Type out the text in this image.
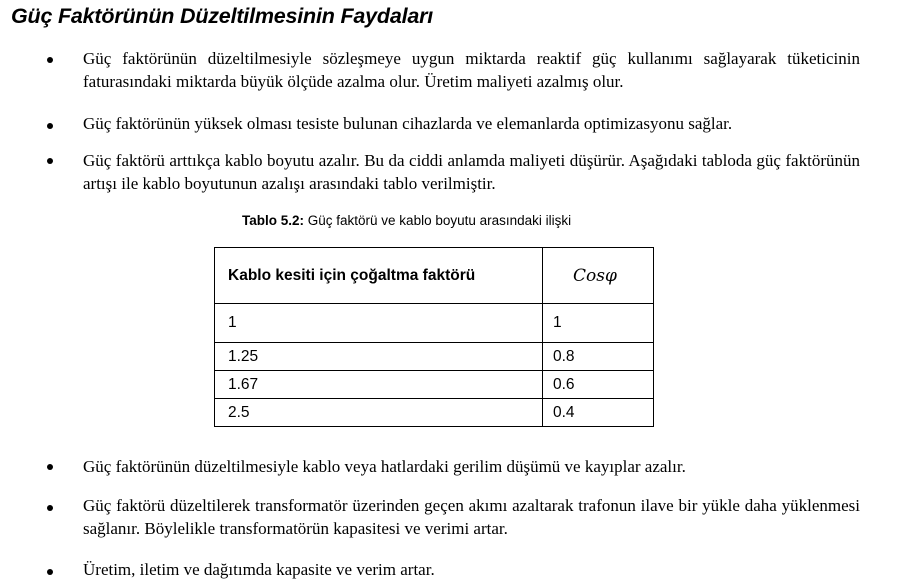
Güç Faktörünün Düzeltilmesinin Faydaları
Güç faktörünün düzeltilmesiyle sözleşmeye uygun miktarda reaktif güç kullanımı sağlayarak tüketicinin faturasındaki miktarda büyük ölçüde azalma olur. Üretim maliyeti azalmış olur.
Güç faktörünün yüksek olması tesiste bulunan cihazlarda ve elemanlarda optimizasyonu sağlar.
Güç faktörü arttıkça kablo boyutu azalır. Bu da ciddi anlamda maliyeti düşürür. Aşağıdaki tabloda güç faktörünün artışı ile kablo boyutunun azalışı arasındaki tablo verilmiştir.
Tablo 5.2: Güç faktörü ve kablo boyutu arasındaki ilişki
Kablo kesiti için çoğaltma faktörü	Cosφ
1	1
1.25	0.8
1.67	0.6
2.5	0.4
Güç faktörünün düzeltilmesiyle kablo veya hatlardaki gerilim düşümü ve kayıplar azalır.
Güç faktörü düzeltilerek transformatör üzerinden geçen akımı azaltarak trafonun ilave bir yükle daha yüklenmesi sağlanır. Böylelikle transformatörün kapasitesi ve verimi artar.
Üretim, iletim ve dağıtımda kapasite ve verim artar.
